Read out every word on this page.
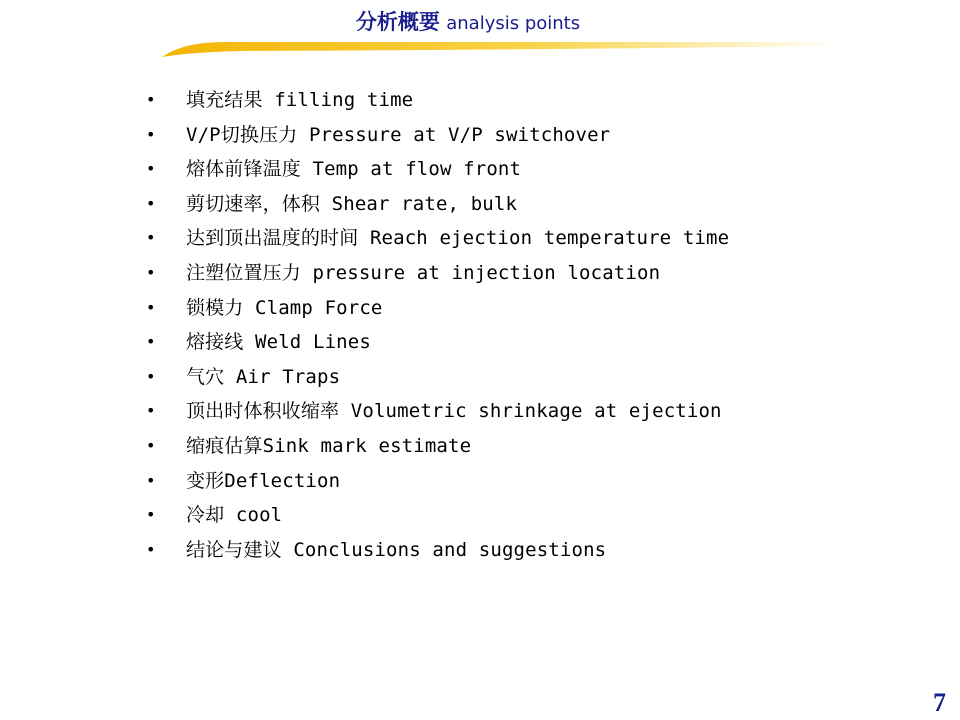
分析概要 analysis points
•	填充结果 filling time
•	V/P切换压力 Pressure at V/P switchover
•	熔体前锋温度 Temp at flow front
•	剪切速率，体积 Shear rate, bulk
•	达到顶出温度的时间 Reach ejection temperature time
•	注塑位置压力 pressure at injection location
•	锁模力 Clamp Force
•	熔接线 Weld Lines
•	气穴 Air Traps
•	顶出时体积收缩率 Volumetric shrinkage at ejection
•	缩痕估算Sink mark estimate
•	变形Deflection
•	冷却 cool
•	结论与建议 Conclusions and suggestions
7
